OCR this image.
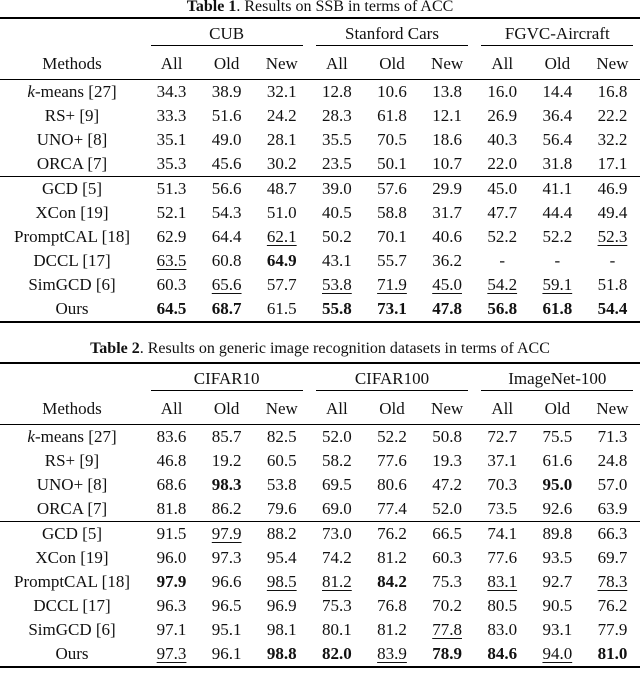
Table 1. Results on SSB in terms of ACC
	CUB			Stanford Cars			FGVC-Aircraft		
Methods	All	Old	New	All	Old	New	All	Old	New
k-means [27]	34.3	38.9	32.1	12.8	10.6	13.8	16.0	14.4	16.8
RS+ [9]	33.3	51.6	24.2	28.3	61.8	12.1	26.9	36.4	22.2
UNO+ [8]	35.1	49.0	28.1	35.5	70.5	18.6	40.3	56.4	32.2
ORCA [7]	35.3	45.6	30.2	23.5	50.1	10.7	22.0	31.8	17.1
GCD [5]	51.3	56.6	48.7	39.0	57.6	29.9	45.0	41.1	46.9
XCon [19]	52.1	54.3	51.0	40.5	58.8	31.7	47.7	44.4	49.4
PromptCAL [18]	62.9	64.4	62.1	50.2	70.1	40.6	52.2	52.2	52.3
DCCL [17]	63.5	60.8	64.9	43.1	55.7	36.2	-	-	-
SimGCD [6]	60.3	65.6	57.7	53.8	71.9	45.0	54.2	59.1	51.8
Ours	64.5	68.7	61.5	55.8	73.1	47.8	56.8	61.8	54.4
Table 2. Results on generic image recognition datasets in terms of ACC
	CIFAR10			CIFAR100			ImageNet-100		
Methods	All	Old	New	All	Old	New	All	Old	New
k-means [27]	83.6	85.7	82.5	52.0	52.2	50.8	72.7	75.5	71.3
RS+ [9]	46.8	19.2	60.5	58.2	77.6	19.3	37.1	61.6	24.8
UNO+ [8]	68.6	98.3	53.8	69.5	80.6	47.2	70.3	95.0	57.0
ORCA [7]	81.8	86.2	79.6	69.0	77.4	52.0	73.5	92.6	63.9
GCD [5]	91.5	97.9	88.2	73.0	76.2	66.5	74.1	89.8	66.3
XCon [19]	96.0	97.3	95.4	74.2	81.2	60.3	77.6	93.5	69.7
PromptCAL [18]	97.9	96.6	98.5	81.2	84.2	75.3	83.1	92.7	78.3
DCCL [17]	96.3	96.5	96.9	75.3	76.8	70.2	80.5	90.5	76.2
SimGCD [6]	97.1	95.1	98.1	80.1	81.2	77.8	83.0	93.1	77.9
Ours	97.3	96.1	98.8	82.0	83.9	78.9	84.6	94.0	81.0
